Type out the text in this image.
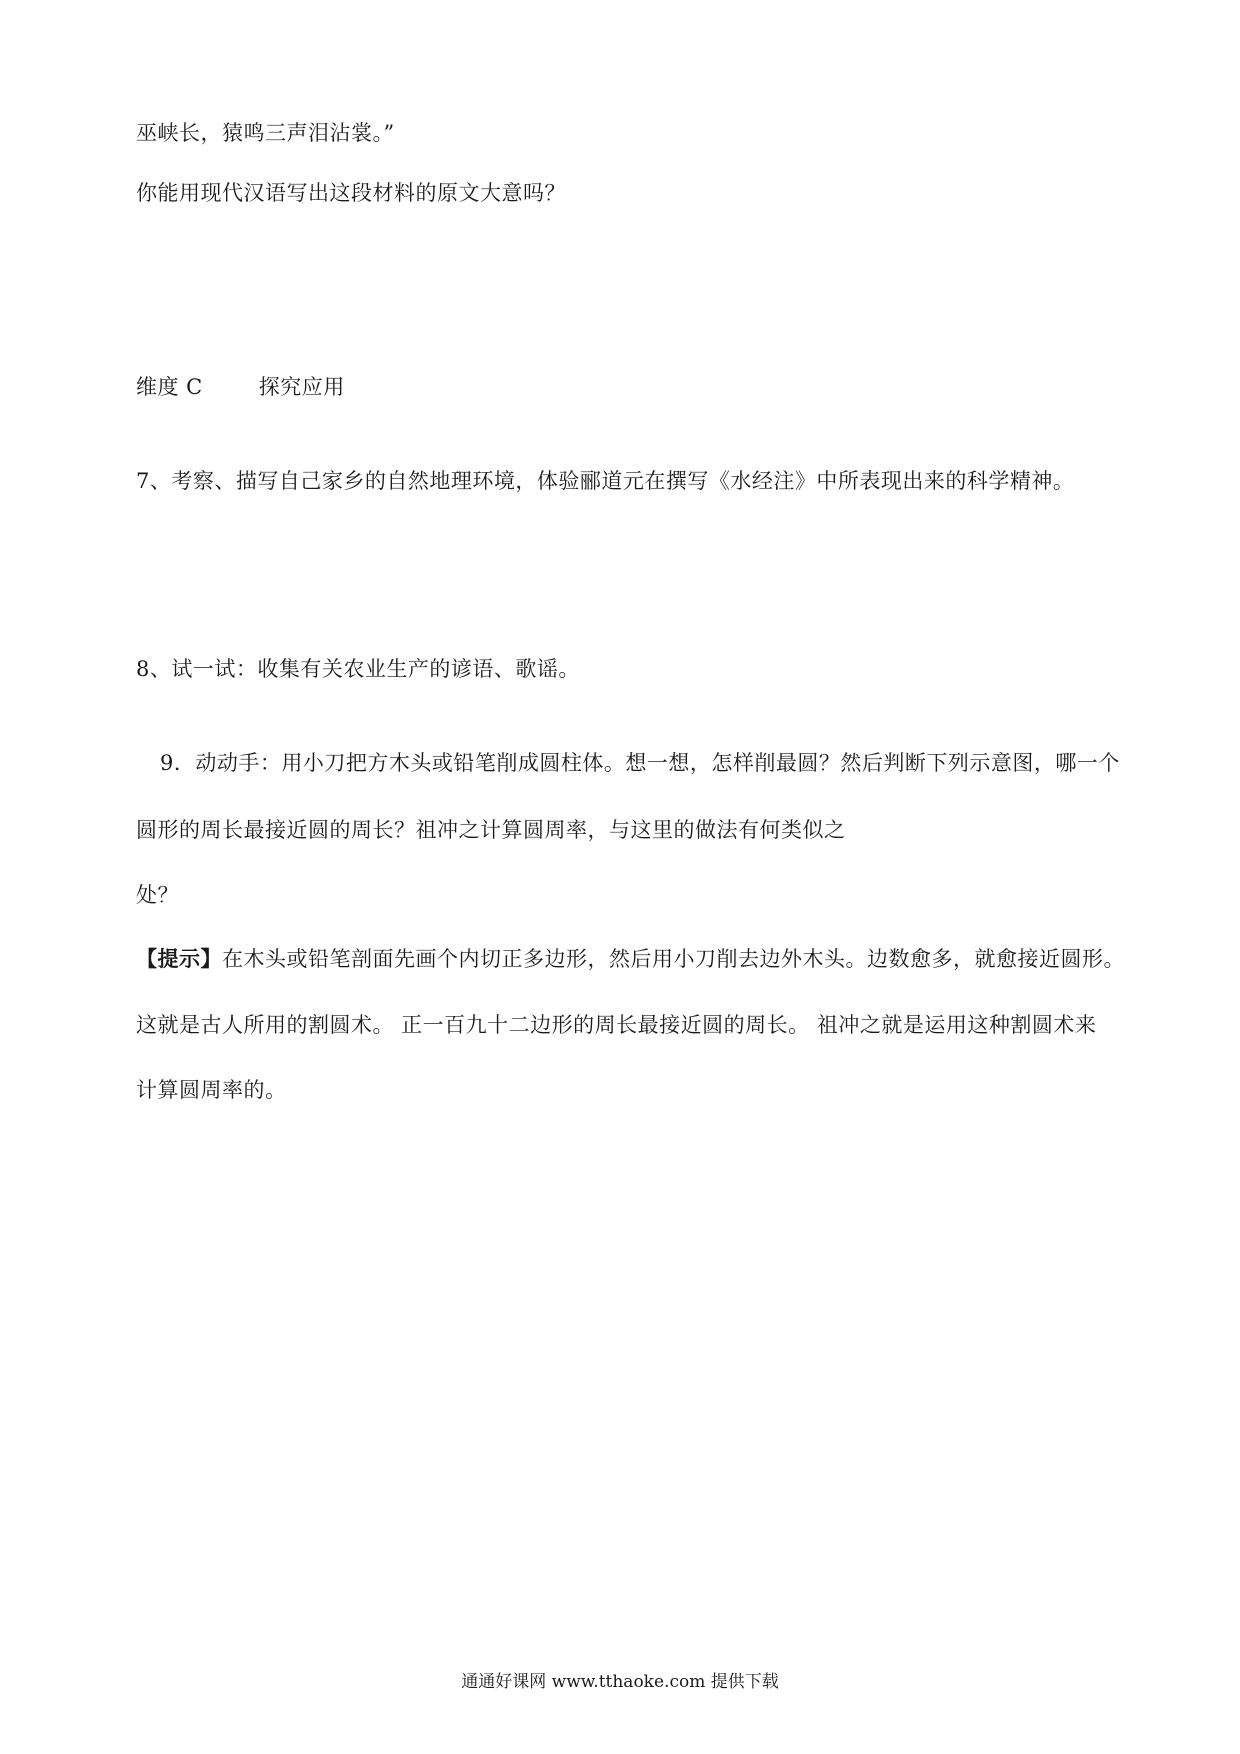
巫峡长，猿鸣三声泪沾裳。”
你能用现代汉语写出这段材料的原文大意吗？
维度 C	探究应用
7、考察、描写自己家乡的自然地理环境，体验郦道元在撰写《水经注》中所表现出来的科学精神。
8、试一试：收集有关农业生产的谚语、歌谣。
9．动动手：用小刀把方木头或铅笔削成圆柱体。想一想，怎样削最圆？然后判断下列示意图，哪一个
圆形的周长最接近圆的周长？祖冲之计算圆周率，与这里的做法有何类似之
处？
【提示】在木头或铅笔剖面先画个内切正多边形，然后用小刀削去边外木头。边数愈多，就愈接近圆形。
这就是古人所用的割圆术。 正一百九十二边形的周长最接近圆的周长。 祖冲之就是运用这种割圆术来
计算圆周率的。
通通好课网 www.tthaoke.com 提供下载
